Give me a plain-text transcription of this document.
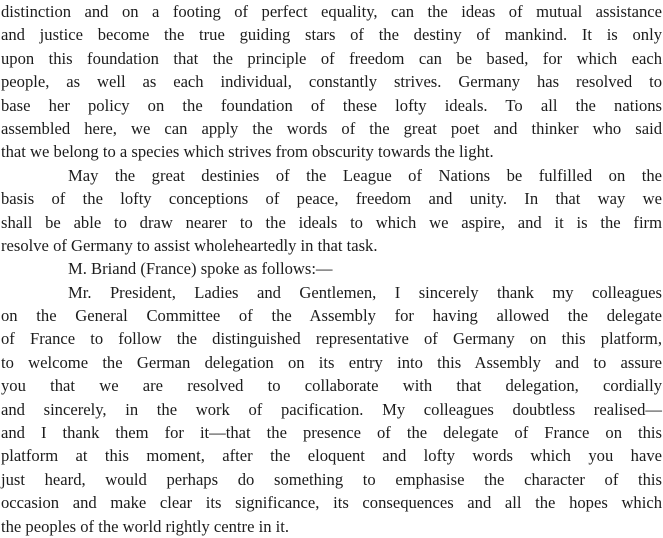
distinction and on a footing of perfect equality, can the ideas of mutual assistance
and justice become the true guiding stars of the destiny of mankind. It is only
upon this foundation that the principle of freedom can be based, for which each
people, as well as each individual, constantly strives. Germany has resolved to
base her policy on the foundation of these lofty ideals. To all the nations
assembled here, we can apply the words of the great poet and thinker who said
that we belong to a species which strives from obscurity towards the light.
May the great destinies of the League of Nations be fulfilled on the
basis of the lofty conceptions of peace, freedom and unity. In that way we
shall be able to draw nearer to the ideals to which we aspire, and it is the firm
resolve of Germany to assist wholeheartedly in that task.
M. Briand (France) spoke as follows:—
Mr. President, Ladies and Gentlemen, I sincerely thank my colleagues
on the General Committee of the Assembly for having allowed the delegate
of France to follow the distinguished representative of Germany on this platform,
to welcome the German delegation on its entry into this Assembly and to assure
you that we are resolved to collaborate with that delegation, cordially
and sincerely, in the work of pacification. My colleagues doubtless realised—
and I thank them for it—that the presence of the delegate of France on this
platform at this moment, after the eloquent and lofty words which you have
just heard, would perhaps do something to emphasise the character of this
occasion and make clear its significance, its consequences and all the hopes which
the peoples of the world rightly centre in it.
